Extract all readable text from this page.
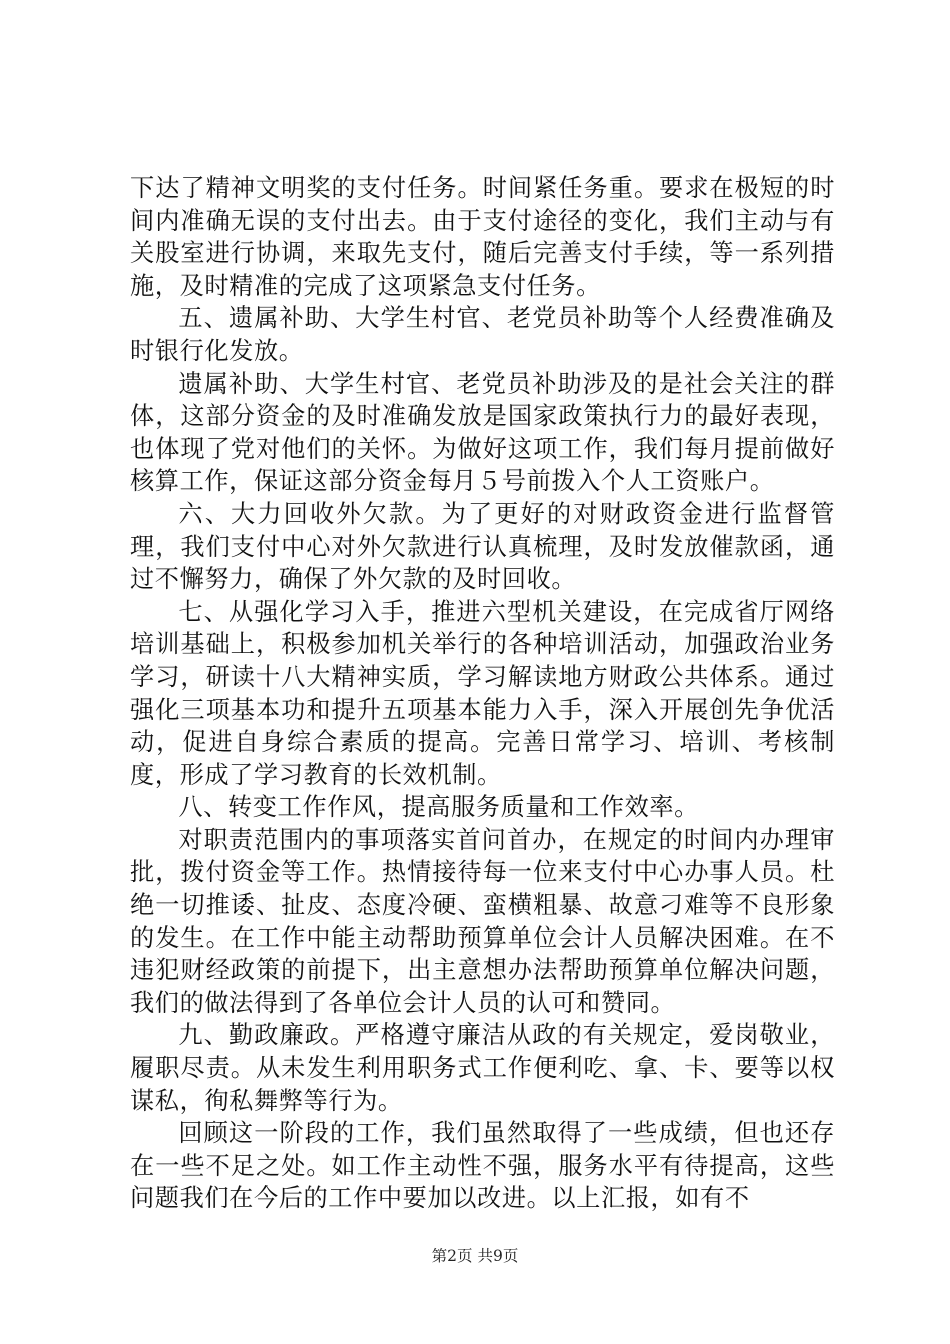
下达了精神文明奖的支付任务。时间紧任务重。要求在极短的时间内准确无误的支付出去。由于支付途径的变化，我们主动与有关股室进行协调，来取先支付，随后完善支付手续，等一系列措施，及时精准的完成了这项紧急支付任务。

五、遗属补助、大学生村官、老党员补助等个人经费准确及时银行化发放。

遗属补助、大学生村官、老党员补助涉及的是社会关注的群体，这部分资金的及时准确发放是国家政策执行力的最好表现，也体现了党对他们的关怀。为做好这项工作，我们每月提前做好核算工作，保证这部分资金每月５号前拨入个人工资账户。

六、大力回收外欠款。为了更好的对财政资金进行监督管理，我们支付中心对外欠款进行认真梳理，及时发放催款函，通过不懈努力，确保了外欠款的及时回收。

七、从强化学习入手，推进六型机关建设，在完成省厅网络培训基础上，积极参加机关举行的各种培训活动，加强政治业务学习，研读十八大精神实质，学习解读地方财政公共体系。通过强化三项基本功和提升五项基本能力入手，深入开展创先争优活动，促进自身综合素质的提高。完善日常学习、培训、考核制度，形成了学习教育的长效机制。

八、转变工作作风，提高服务质量和工作效率。

对职责范围内的事项落实首问首办，在规定的时间内办理审批，拨付资金等工作。热情接待每一位来支付中心办事人员。杜绝一切推诿、扯皮、态度冷硬、蛮横粗暴、故意刁难等不良形象的发生。在工作中能主动帮助预算单位会计人员解决困难。在不违犯财经政策的前提下，出主意想办法帮助预算单位解决问题，我们的做法得到了各单位会计人员的认可和赞同。

九、勤政廉政。严格遵守廉洁从政的有关规定，爱岗敬业，履职尽责。从未发生利用职务式工作便利吃、拿、卡、要等以权谋私，徇私舞弊等行为。

回顾这一阶段的工作，我们虽然取得了一些成绩，但也还存在一些不足之处。如工作主动性不强，服务水平有待提高，这些问题我们在今后的工作中要加以改进。以上汇报，如有不

第2页 共9页
